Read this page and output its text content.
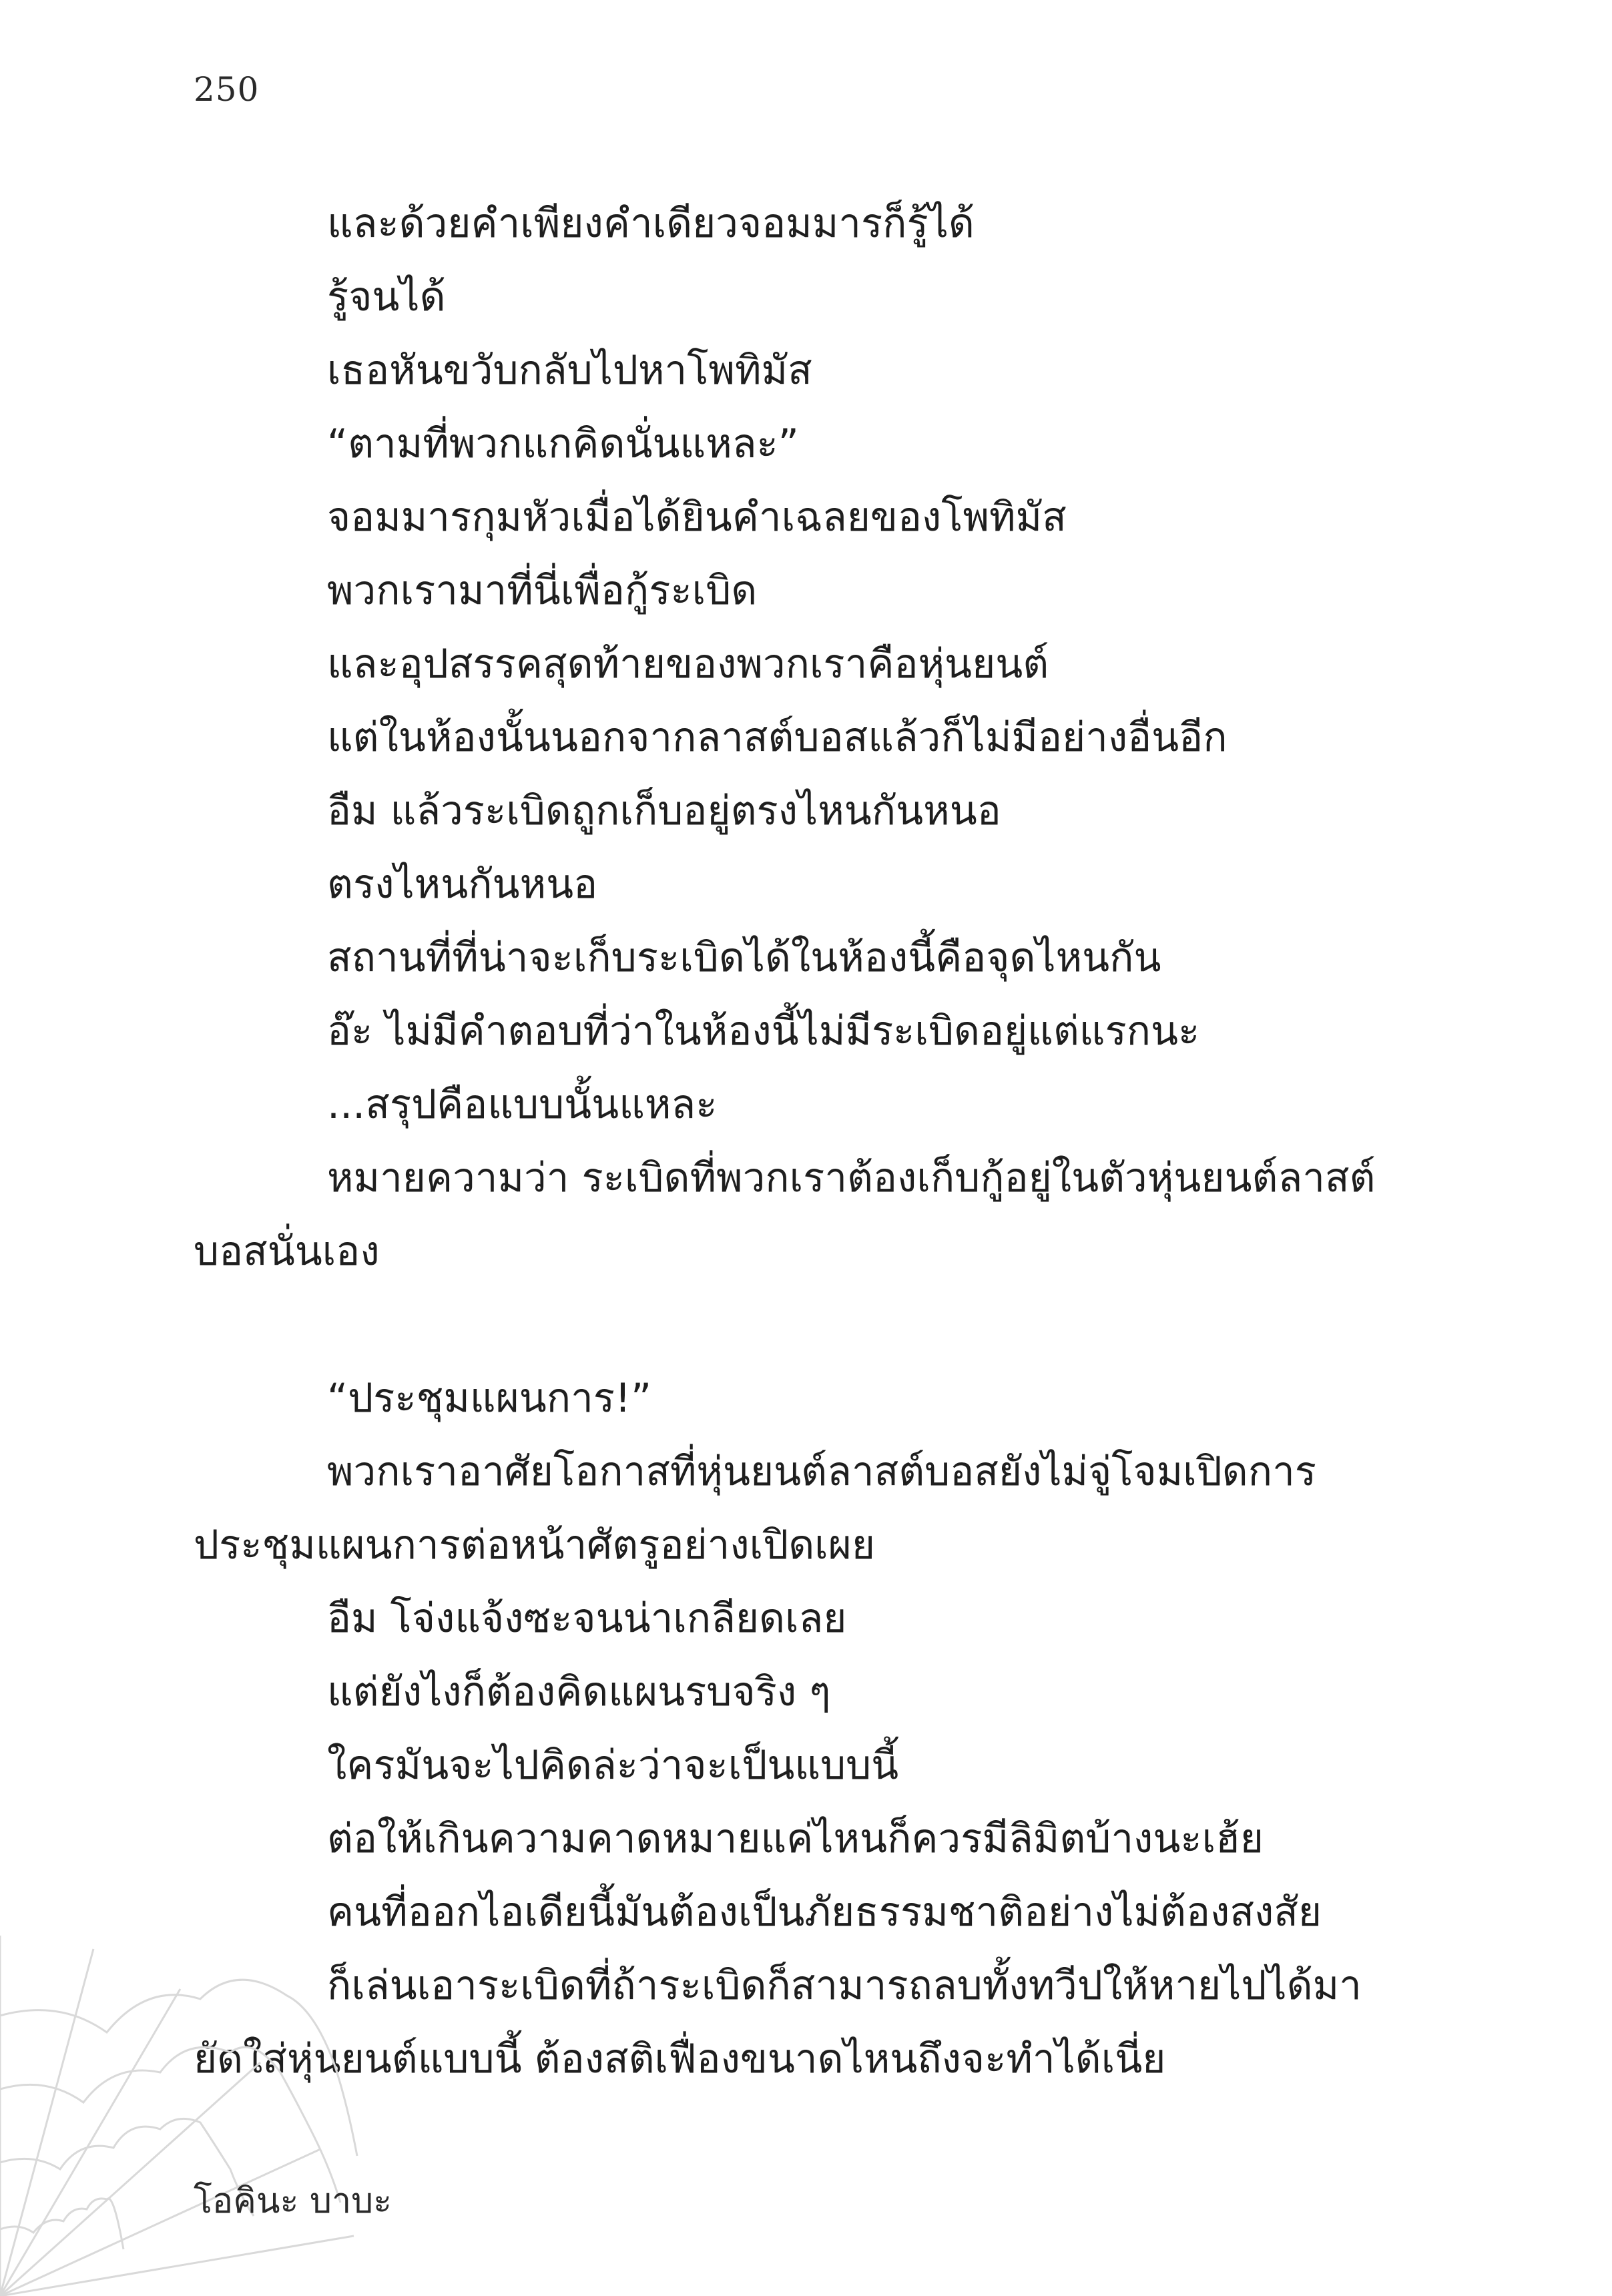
250

และด้วยคำเพียงคำเดียวจอมมารก็รู้ได้

รู้จนได้

เธอหันขวับกลับไปหาโพทิมัส

“ตามที่พวกแกคิดนั่นแหละ”

จอมมารกุมหัวเมื่อได้ยินคำเฉลยของโพทิมัส

พวกเรามาที่นี่เพื่อกู้ระเบิด

และอุปสรรคสุดท้ายของพวกเราคือหุ่นยนต์

แต่ในห้องนั้นนอกจากลาสต์บอสแล้วก็ไม่มีอย่างอื่นอีก

อืม แล้วระเบิดถูกเก็บอยู่ตรงไหนกันหนอ

ตรงไหนกันหนอ

สถานที่ที่น่าจะเก็บระเบิดได้ในห้องนี้คือจุดไหนกัน

อ๊ะ ไม่มีคำตอบที่ว่าในห้องนี้ไม่มีระเบิดอยู่แต่แรกนะ

...สรุปคือแบบนั้นแหละ

หมายความว่า ระเบิดที่พวกเราต้องเก็บกู้อยู่ในตัวหุ่นยนต์ลาสต์บอสนั่นเอง

“ประชุมแผนการ!”

พวกเราอาศัยโอกาสที่หุ่นยนต์ลาสต์บอสยังไม่จู่โจมเปิดการประชุมแผนการต่อหน้าศัตรูอย่างเปิดเผย

อืม โจ่งแจ้งซะจนน่าเกลียดเลย

แต่ยังไงก็ต้องคิดแผนรบจริง ๆ

ใครมันจะไปคิดล่ะว่าจะเป็นแบบนี้

ต่อให้เกินความคาดหมายแค่ไหนก็ควรมีลิมิตบ้างนะเฮ้ย

คนที่ออกไอเดียนี้มันต้องเป็นภัยธรรมชาติอย่างไม่ต้องสงสัย

ก็เล่นเอาระเบิดที่ถ้าระเบิดก็สามารถลบทั้งทวีปให้หายไปได้มายัดใส่หุ่นยนต์แบบนี้ ต้องสติเฟื่องขนาดไหนถึงจะทำได้เนี่ย

โอคินะ บาบะ
